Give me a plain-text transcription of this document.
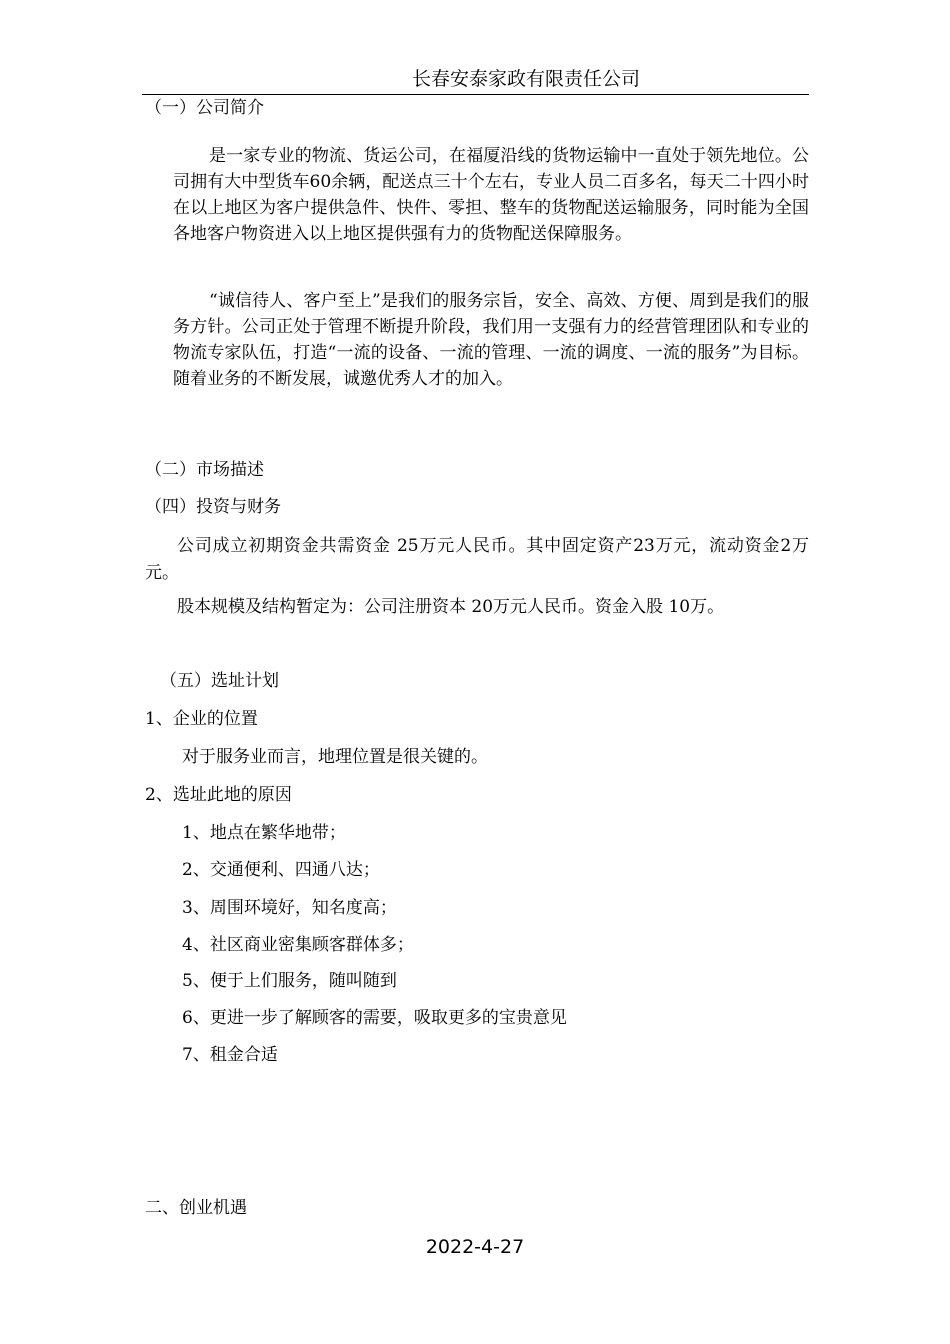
长春安泰家政有限责任公司
（一）公司简介
是一家专业的物流、货运公司，在福厦沿线的货物运输中一直处于领先地位。公司拥有大中型货车60余辆，配送点三十个左右，专业人员二百多名，每天二十四小时在以上地区为客户提供急件、快件、零担、整车的货物配送运输服务，同时能为全国各地客户物资进入以上地区提供强有力的货物配送保障服务。
“诚信待人、客户至上”是我们的服务宗旨，安全、高效、方便、周到是我们的服务方针。公司正处于管理不断提升阶段，我们用一支强有力的经营管理团队和专业的物流专家队伍，打造“一流的设备、一流的管理、一流的调度、一流的服务”为目标。随着业务的不断发展，诚邀优秀人才的加入。
（二）市场描述
（四）投资与财务
公司成立初期资金共需资金 25万元人民币。其中固定资产23万元，流动资金2万元。
股本规模及结构暂定为：公司注册资本 20万元人民币。资金入股 10万。
（五）选址计划
1、企业的位置
对于服务业而言，地理位置是很关键的。
2、选址此地的原因
1、地点在繁华地带；
2、交通便利、四通八达；
3、周围环境好，知名度高；
4、社区商业密集顾客群体多；
5、便于上们服务，随叫随到
6、更进一步了解顾客的需要，吸取更多的宝贵意见
7、租金合适
二、创业机遇
2022-4-27
